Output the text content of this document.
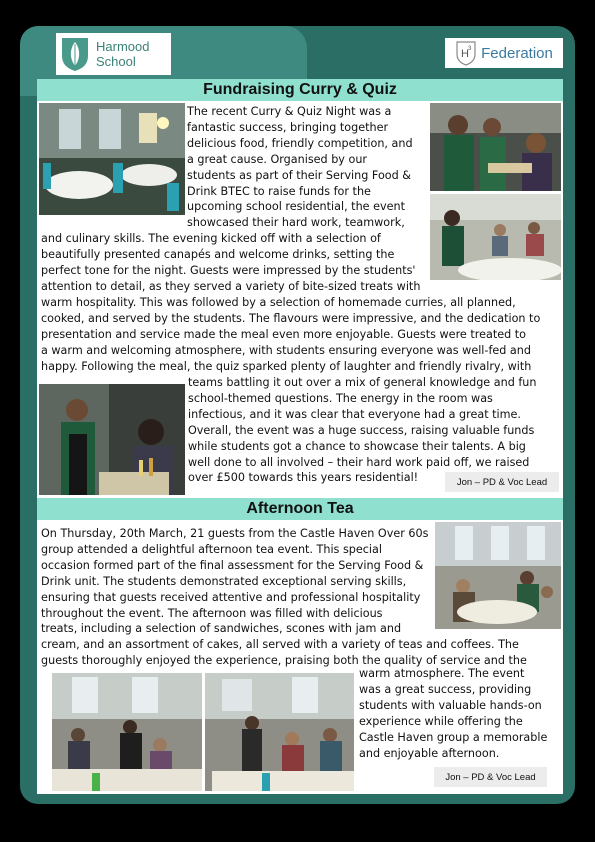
Harmood
School	H 3 Federation
Fundraising Curry & Quiz
The recent Curry & Quiz Night was a
fantastic success, bringing together
delicious food, friendly competition, and
a great cause. Organised by our
students as part of their Serving Food &
Drink BTEC to raise funds for the
upcoming school residential, the event
showcased their hard work, teamwork,
and culinary skills. The evening kicked off with a selection of
beautifully presented canapés and welcome drinks, setting the
perfect tone for the night. Guests were impressed by the students'
attention to detail, as they served a variety of bite-sized treats with
warm hospitality. This was followed by a selection of homemade curries, all planned,
cooked, and served by the students. The flavours were impressive, and the dedication to
presentation and service made the meal even more enjoyable. Guests were treated to
a warm and welcoming atmosphere, with students ensuring everyone was well-fed and
happy. Following the meal, the quiz sparked plenty of laughter and friendly rivalry, with
teams battling it out over a mix of general knowledge and fun
school-themed questions. The energy in the room was
infectious, and it was clear that everyone had a great time.
Overall, the event was a huge success, raising valuable funds
while students got a chance to showcase their talents. A big
well done to all involved – their hard work paid off, we raised
over £500 towards this years residential!	Jon – PD & Voc Lead
Afternoon Tea
On Thursday, 20th March, 21 guests from the Castle Haven Over 60s
group attended a delightful afternoon tea event. This special
occasion formed part of the final assessment for the Serving Food &
Drink unit. The students demonstrated exceptional serving skills,
ensuring that guests received attentive and professional hospitality
throughout the event. The afternoon was filled with delicious
treats, including a selection of sandwiches, scones with jam and
cream, and an assortment of cakes, all served with a variety of teas and coffees. The
guests thoroughly enjoyed the experience, praising both the quality of service and the
warm atmosphere. The event
was a great success, providing
students with valuable hands-on
experience while offering the
Castle Haven group a memorable
and enjoyable afternoon.
Jon – PD & Voc Lead
